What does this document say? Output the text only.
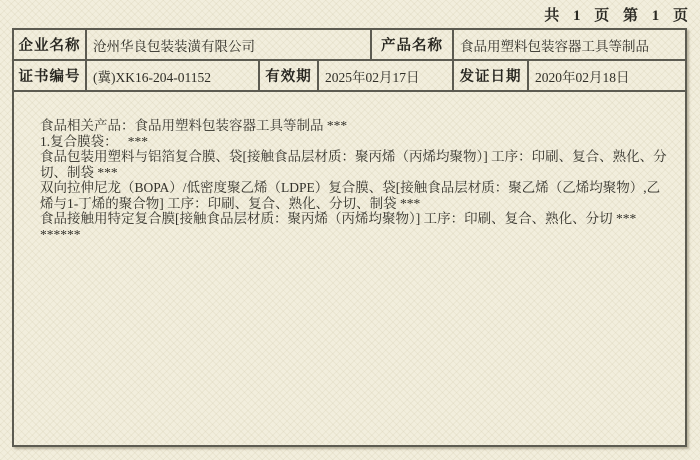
共 1 页 第 1 页
企业名称 沧州华良包装装潢有限公司	产品名称	食品用塑料包装容器工具等制品
证书编号 (冀)XK16-204-01152	有效期 2025年02月17日	发证日期	2020年02月18日

食品相关产品：食品用塑料包装容器工具等制品 ***

1.复合膜袋：   ***

食品包装用塑料与铝箔复合膜、袋[接触食品层材质：聚丙烯（丙烯均聚物）] 工序：印刷、复合、熟化、分切、制袋 ***

双向拉伸尼龙（BOPA）/低密度聚乙烯（LDPE）复合膜、袋[接触食品层材质：聚乙烯（乙烯均聚物）,乙烯与1-丁烯的聚合物] 工序：印刷、复合、熟化、分切、制袋 ***

食品接触用特定复合膜[接触食品层材质：聚丙烯（丙烯均聚物）] 工序：印刷、复合、熟化、分切 ***

******
